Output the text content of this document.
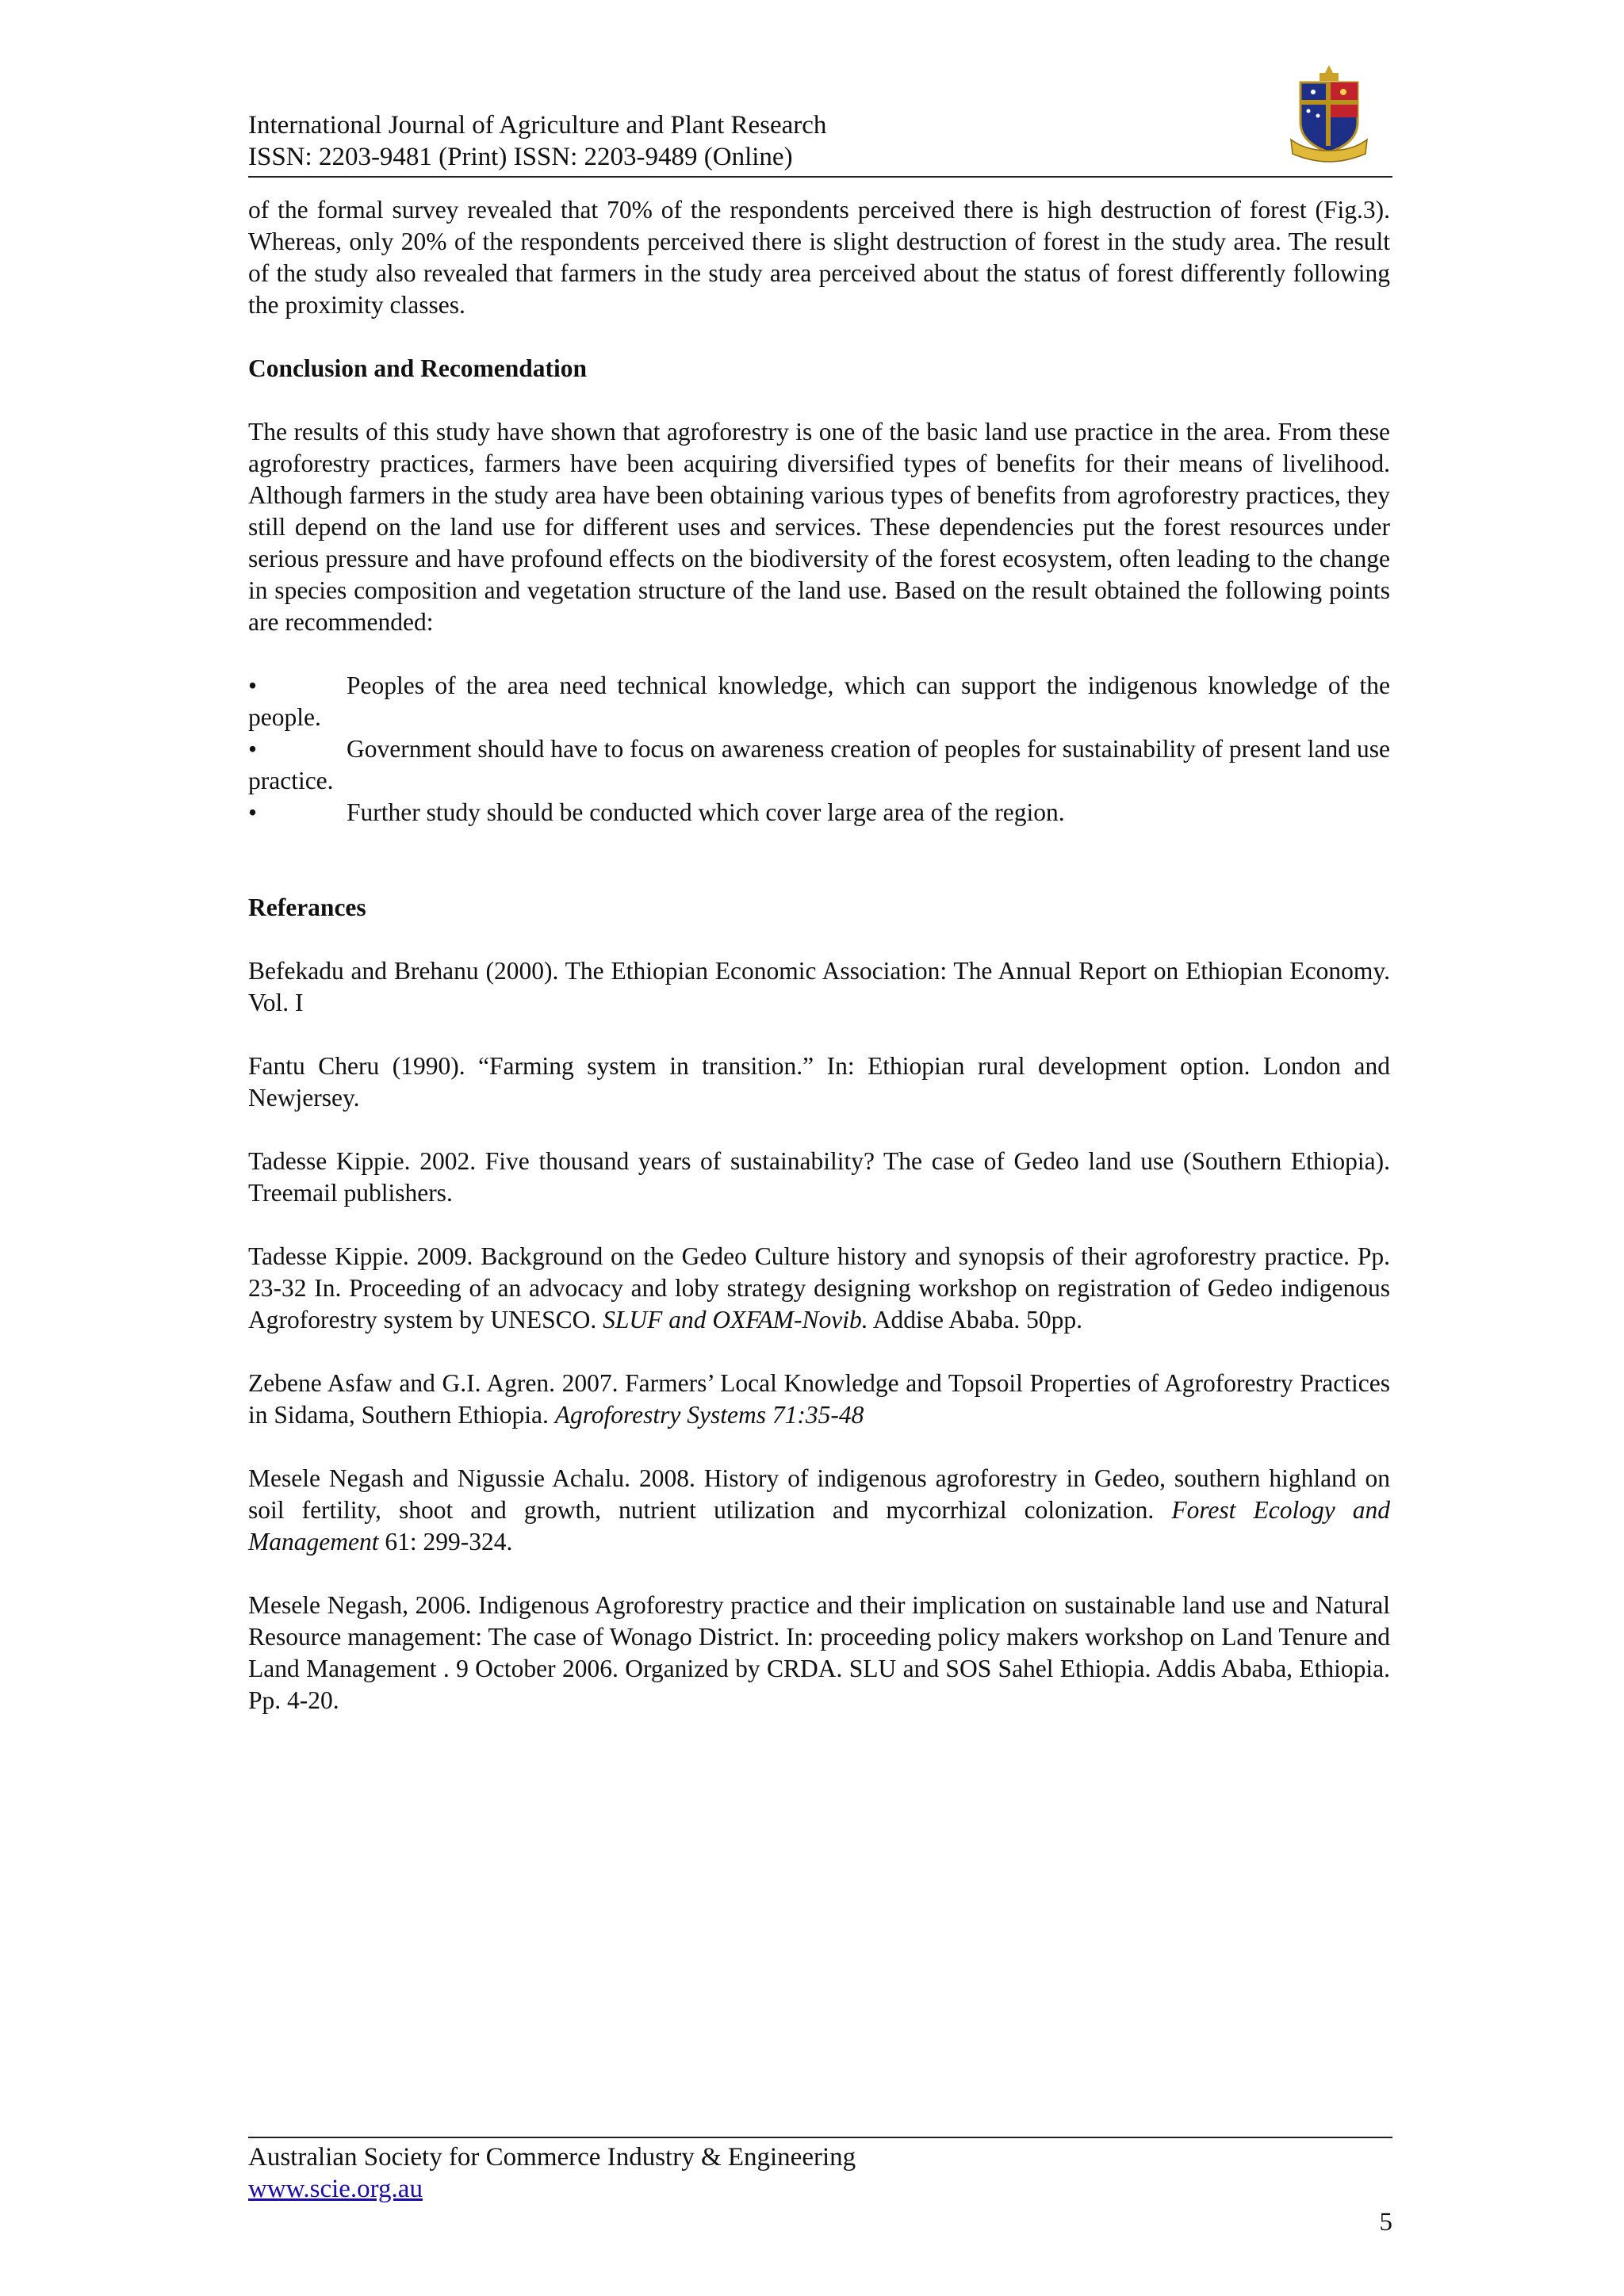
International Journal of Agriculture and Plant Research

ISSN: 2203-9481 (Print) ISSN: 2203-9489 (Online)

of the formal survey revealed that 70% of the respondents perceived there is high destruction of forest (Fig.3). Whereas, only 20% of the respondents perceived there is slight destruction of forest in the study area. The result of the study also revealed that farmers in the study area perceived about the status of forest differently following the proximity classes.

Conclusion and Recomendation

The results of this study have shown that agroforestry is one of the basic land use practice in the area. From these agroforestry practices, farmers have been acquiring diversified types of benefits for their means of livelihood. Although farmers in the study area have been obtaining various types of benefits from agroforestry practices, they still depend on the land use for different uses and services. These dependencies put the forest resources under serious pressure and have profound effects on the biodiversity of the forest ecosystem, often leading to the change in species composition and vegetation structure of the land use. Based on the result obtained the following points are recommended:

•	Peoples of the area need technical knowledge, which can support the indigenous knowledge of the people.

•	Government should have to focus on awareness creation of peoples for sustainability of present land use practice.

•	Further study should be conducted which cover large area of the region.

Referances

Befekadu and Brehanu (2000). The Ethiopian Economic Association: The Annual Report on Ethiopian Economy. Vol. I

Fantu Cheru (1990). “Farming system in transition.” In: Ethiopian rural development option. London and Newjersey.

Tadesse Kippie. 2002. Five thousand years of sustainability? The case of Gedeo land use (Southern Ethiopia). Treemail publishers.

Tadesse Kippie. 2009. Background on the Gedeo Culture history and synopsis of their agroforestry practice. Pp. 23-32 In. Proceeding of an advocacy and loby strategy designing workshop on registration of Gedeo indigenous Agroforestry system by UNESCO. SLUF and OXFAM-Novib. Addise Ababa. 50pp.

Zebene Asfaw and G.I. Agren. 2007. Farmers’ Local Knowledge and Topsoil Properties of Agroforestry Practices in Sidama, Southern Ethiopia. Agroforestry Systems 71:35-48

Mesele Negash and Nigussie Achalu. 2008. History of indigenous agroforestry in Gedeo, southern highland on soil fertility, shoot and growth, nutrient utilization and mycorrhizal colonization. Forest Ecology and Management 61: 299-324.

Mesele Negash, 2006. Indigenous Agroforestry practice and their implication on sustainable land use and Natural Resource management: The case of Wonago District. In: proceeding policy makers workshop on Land Tenure and Land Management . 9 October 2006. Organized by CRDA. SLU and SOS Sahel Ethiopia. Addis Ababa, Ethiopia. Pp. 4-20.

Australian Society for Commerce Industry & Engineering

www.scie.org.au

5
